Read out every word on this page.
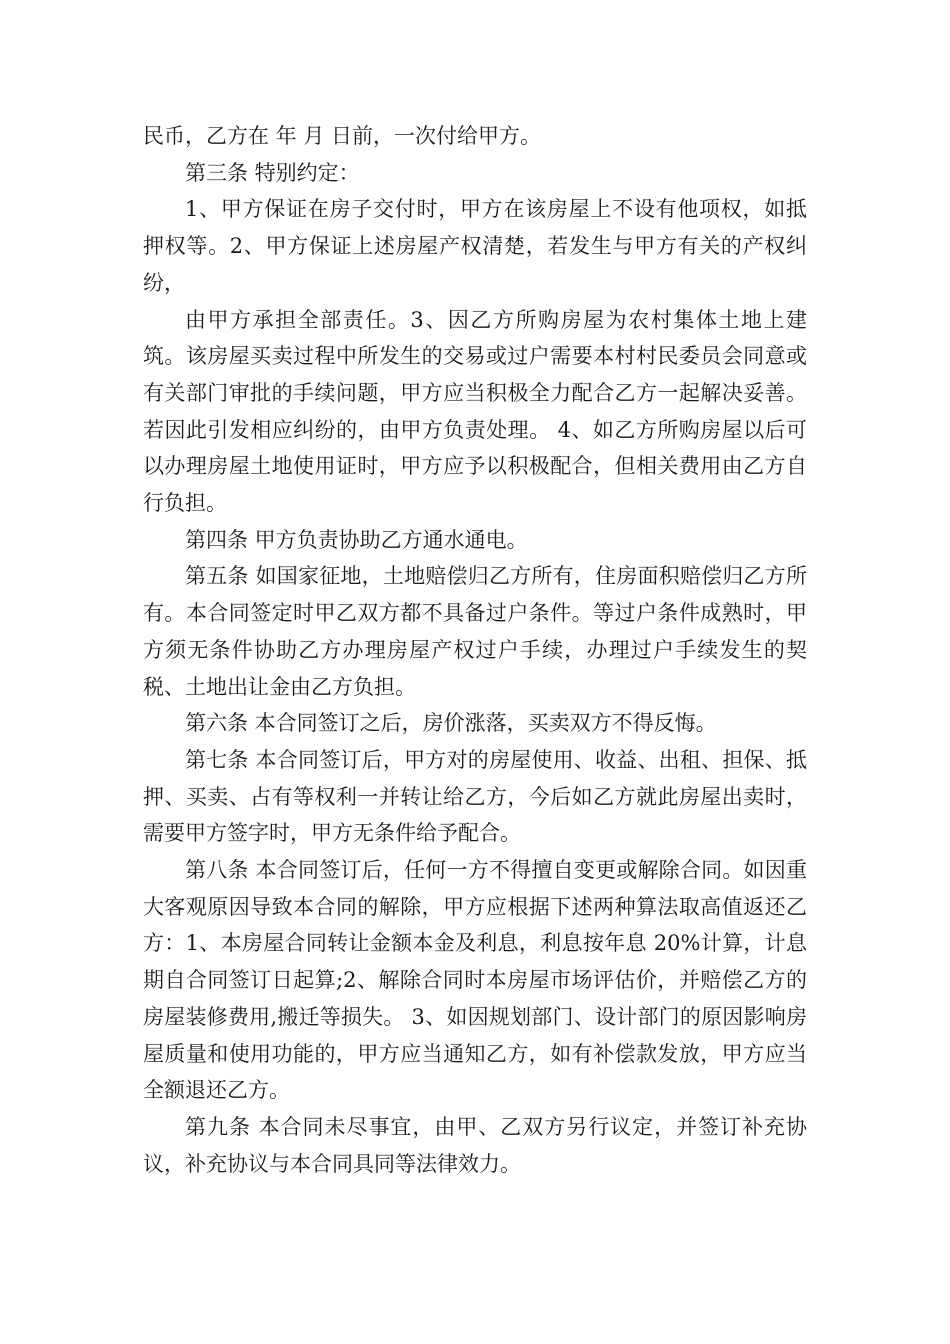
民币，乙方在 年 月 日前，一次付给甲方。

第三条 特别约定：

1、甲方保证在房子交付时，甲方在该房屋上不设有他项权，如抵押权等。2、甲方保证上述房屋产权清楚，若发生与甲方有关的产权纠纷，

由甲方承担全部责任。3、因乙方所购房屋为农村集体土地上建筑。该房屋买卖过程中所发生的交易或过户需要本村村民委员会同意或有关部门审批的手续问题，甲方应当积极全力配合乙方一起解决妥善。若因此引发相应纠纷的，由甲方负责处理。 4、如乙方所购房屋以后可以办理房屋土地使用证时，甲方应予以积极配合，但相关费用由乙方自行负担。

第四条 甲方负责协助乙方通水通电。

第五条 如国家征地，土地赔偿归乙方所有，住房面积赔偿归乙方所有。本合同签定时甲乙双方都不具备过户条件。等过户条件成熟时，甲方须无条件协助乙方办理房屋产权过户手续，办理过户手续发生的契税、土地出让金由乙方负担。

第六条 本合同签订之后，房价涨落，买卖双方不得反悔。

第七条 本合同签订后，甲方对的房屋使用、收益、出租、担保、抵押、买卖、占有等权利一并转让给乙方，今后如乙方就此房屋出卖时，需要甲方签字时，甲方无条件给予配合。

第八条 本合同签订后，任何一方不得擅自变更或解除合同。如因重大客观原因导致本合同的解除，甲方应根据下述两种算法取高值返还乙方：1、本房屋合同转让金额本金及利息，利息按年息 20%计算，计息期自合同签订日起算;2、解除合同时本房屋市场评估价，并赔偿乙方的房屋装修费用,搬迁等损失。 3、如因规划部门、设计部门的原因影响房屋质量和使用功能的，甲方应当通知乙方，如有补偿款发放，甲方应当全额退还乙方。

第九条 本合同未尽事宜，由甲、乙双方另行议定，并签订补充协议，补充协议与本合同具同等法律效力。
